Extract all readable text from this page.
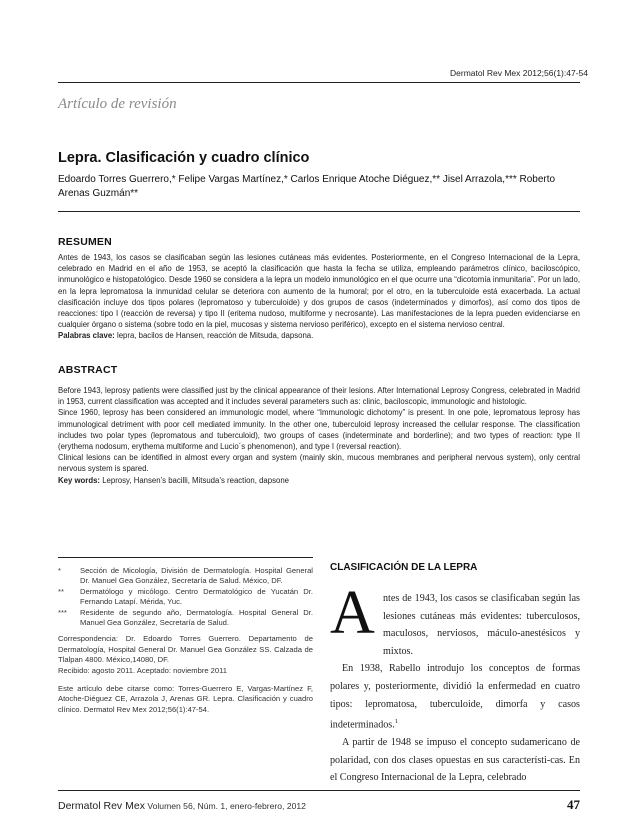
Dermatol Rev Mex 2012;56(1):47-54
Artículo de revisión
Lepra. Clasificación y cuadro clínico
Edoardo Torres Guerrero,* Felipe Vargas Martínez,* Carlos Enrique Atoche Diéguez,** Jisel Arrazola,*** Roberto Arenas Guzmán**
RESUMEN

Antes de 1943, los casos se clasificaban según las lesiones cutáneas más evidentes. Posteriormente, en el Congreso Internacional de la Lepra, celebrado en Madrid en el año de 1953, se aceptó la clasificación que hasta la fecha se utiliza, empleando parámetros clínico, baciloscópico, inmunológico e histopatológico. Desde 1960 se considera a la lepra un modelo inmunológico en el que ocurre una “dicotomía inmunitaria”. Por un lado, en la lepra lepromatosa la inmunidad celular se deteriora con aumento de la humoral; por el otro, en la tuberculoide está exacerbada. La actual clasificación incluye dos tipos polares (lepromatoso y tuberculoide) y dos grupos de casos (indeterminados y dimorfos), así como dos tipos de reacciones: tipo I (reacción de reversa) y tipo II (eritema nudoso, multiforme y necrosante). Las manifestaciones de la lepra pueden evidenciarse en cualquier órgano o sistema (sobre todo en la piel, mucosas y sistema nervioso periférico), excepto en el sistema nervioso central.

Palabras clave: lepra, bacilos de Hansen, reacción de Mitsuda, dapsona.

ABSTRACT

Before 1943, leprosy patients were classified just by the clinical appearance of their lesions. After International Leprosy Congress, celebrated in Madrid in 1953, current classification was accepted and it includes several parameters such as: clinic, baciloscopic, immunologic and histologic.

Since 1960, leprosy has been considered an immunologic model, where “Immunologic dichotomy” is present. In one pole, lepromatous leprosy has immunological detriment with poor cell mediated immunity. In the other one, tuberculoid leprosy increased the cellular response. The classification includes two polar types (lepromatous and tuberculoid), two groups of cases (indeterminate and borderline); and two types of reaction: type II (erythema nodosum, erythema multiforme and Lucio´s phenomenon), and type I (reversal reaction).

Clinical lesions can be identified in almost every organ and system (mainly skin, mucous membranes and peripheral nervous system), only central nervous system is spared.

Key words: Leprosy, Hansen’s bacilli, Mitsuda’s reaction, dapsone

*	Sección de Micología, División de Dermatología. Hospital General Dr. Manuel Gea González, Secretaría de Salud. México, DF.
**	Dermatólogo y micólogo. Centro Dermatológico de Yucatán Dr. Fernando Latapí. Mérida, Yuc.
***	Residente de segundo año, Dermatología. Hospital General Dr. Manuel Gea González, Secretaría de Salud.
Correspondencia: Dr. Edoardo Torres Guerrero. Departamento de Dermatología, Hospital General Dr. Manuel Gea González SS. Calzada de Tlalpan 4800. México,14080, DF.
Recibido: agosto 2011. Aceptado: noviembre 2011
Este artículo debe citarse como: Torres-Guerrero E, Vargas-Martínez F, Atoche-Diéguez CE, Arrazola J, Arenas GR. Lepra. Clasificación y cuadro clínico. Dermatol Rev Mex 2012;56(1):47-54.
CLASIFICACIÓN DE LA LEPRA
A ntes de 1943, los casos se clasificaban según las lesiones cutáneas más evidentes: tuberculosos, maculosos, nerviosos, máculo-anestésicos y mixtos.

En 1938, Rabello introdujo los conceptos de formas polares y, posteriormente, dividió la enfermedad en cuatro tipos: lepromatosa, tuberculoide, dimorfa y casos indeterminados.$^1$

A partir de 1948 se impuso el concepto sudamericano de polaridad, con dos clases opuestas en sus característi-cas. En el Congreso Internacional de la Lepra, celebrado

Dermatol Rev Mex Volumen 56, Núm. 1, enero-febrero, 2012	47
